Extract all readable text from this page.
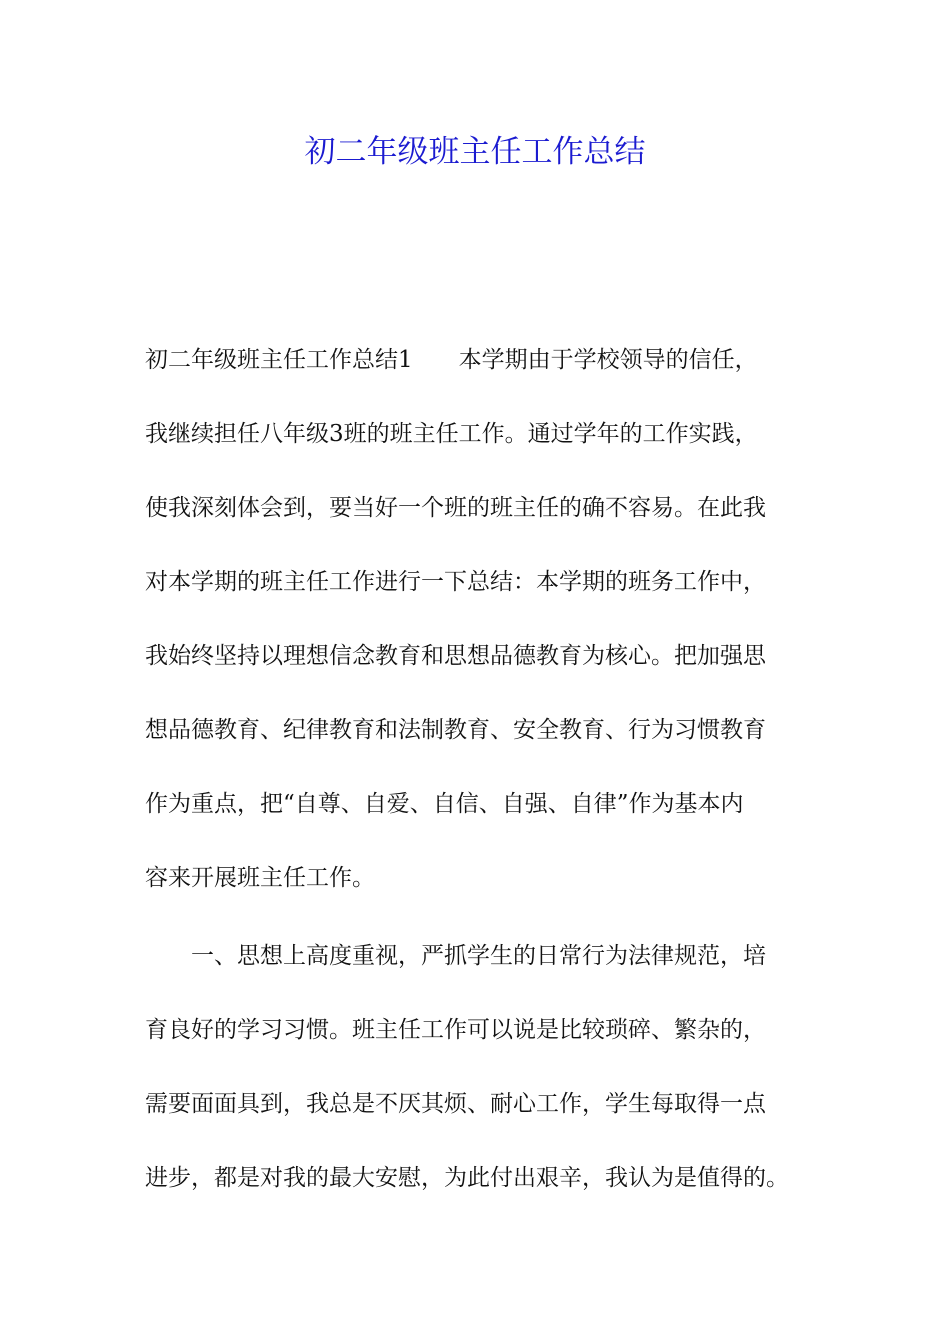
初二年级班主任工作总结

初二年级班主任工作总结1　　本学期由于学校领导的信任，

我继续担任八年级3班的班主任工作。通过学年的工作实践，

使我深刻体会到，要当好一个班的班主任的确不容易。在此我

对本学期的班主任工作进行一下总结：本学期的班务工作中，

我始终坚持以理想信念教育和思想品德教育为核心。把加强思

想品德教育、纪律教育和法制教育、安全教育、行为习惯教育

作为重点，把“自尊、自爱、自信、自强、自律”作为基本内

容来开展班主任工作。

　　一、思想上高度重视，严抓学生的日常行为法律规范，培

育良好的学习习惯。班主任工作可以说是比较琐碎、繁杂的，

需要面面具到，我总是不厌其烦、耐心工作，学生每取得一点

进步，都是对我的最大安慰，为此付出艰辛，我认为是值得的。
